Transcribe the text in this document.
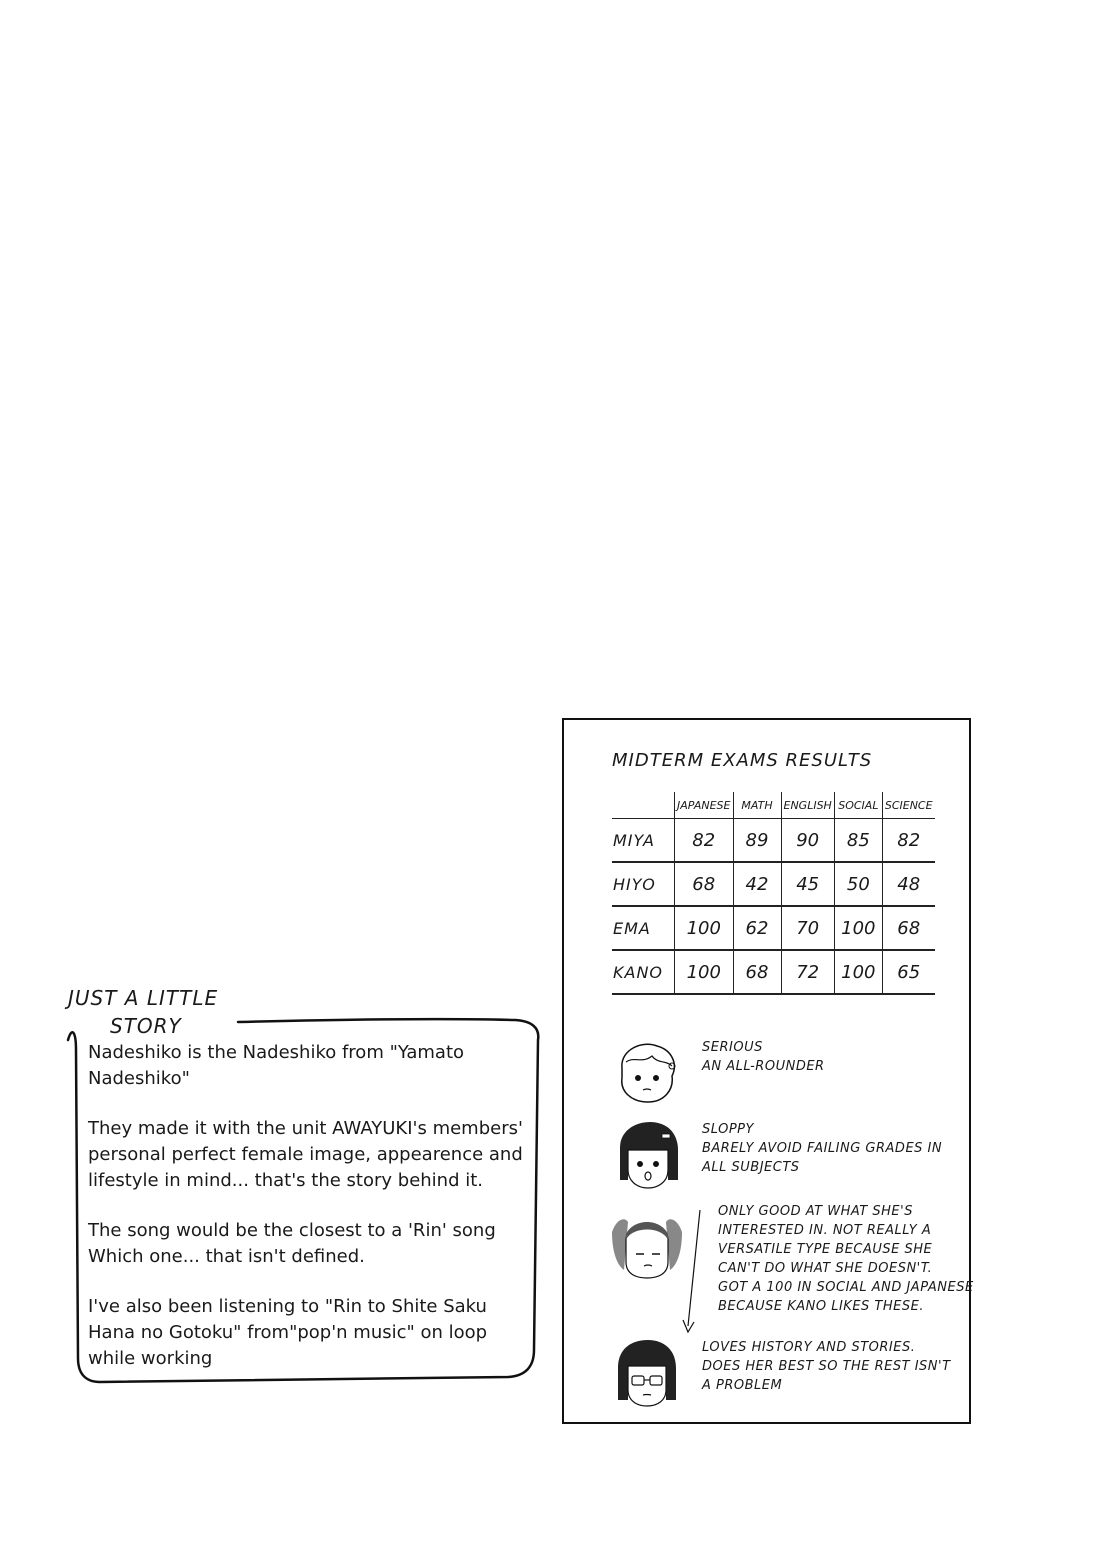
JUST A LITTLE
STORY

Nadeshiko is the Nadeshiko from "Yamato Nadeshiko"

They made it with the unit AWAYUKI's members' personal perfect female image, appearence and lifestyle in mind... that's the story behind it.

The song would be the closest to a 'Rin' song Which one... that isn't defined.

I've also been listening to "Rin to Shite Saku Hana no Gotoku" from"pop'n music" on loop while working

MIDTERM EXAMS RESULTS
	JAPANESE	MATH	ENGLISH	SOCIAL	SCIENCE
MIYA	82	89	90	85	82
HIYO	68	42	45	50	48
EMA	100	62	70	100	68
KANO	100	68	72	100	65
SERIOUS
AN ALL-ROUNDER
SLOPPY
BARELY AVOID FAILING GRADES IN
ALL SUBJECTS
ONLY GOOD AT WHAT SHE'S
INTERESTED IN. NOT REALLY A
VERSATILE TYPE BECAUSE SHE
CAN'T DO WHAT SHE DOESN'T.
GOT A 100 IN SOCIAL AND JAPANESE
BECAUSE KANO LIKES THESE.
LOVES HISTORY AND STORIES.
DOES HER BEST SO THE REST ISN'T
A PROBLEM
